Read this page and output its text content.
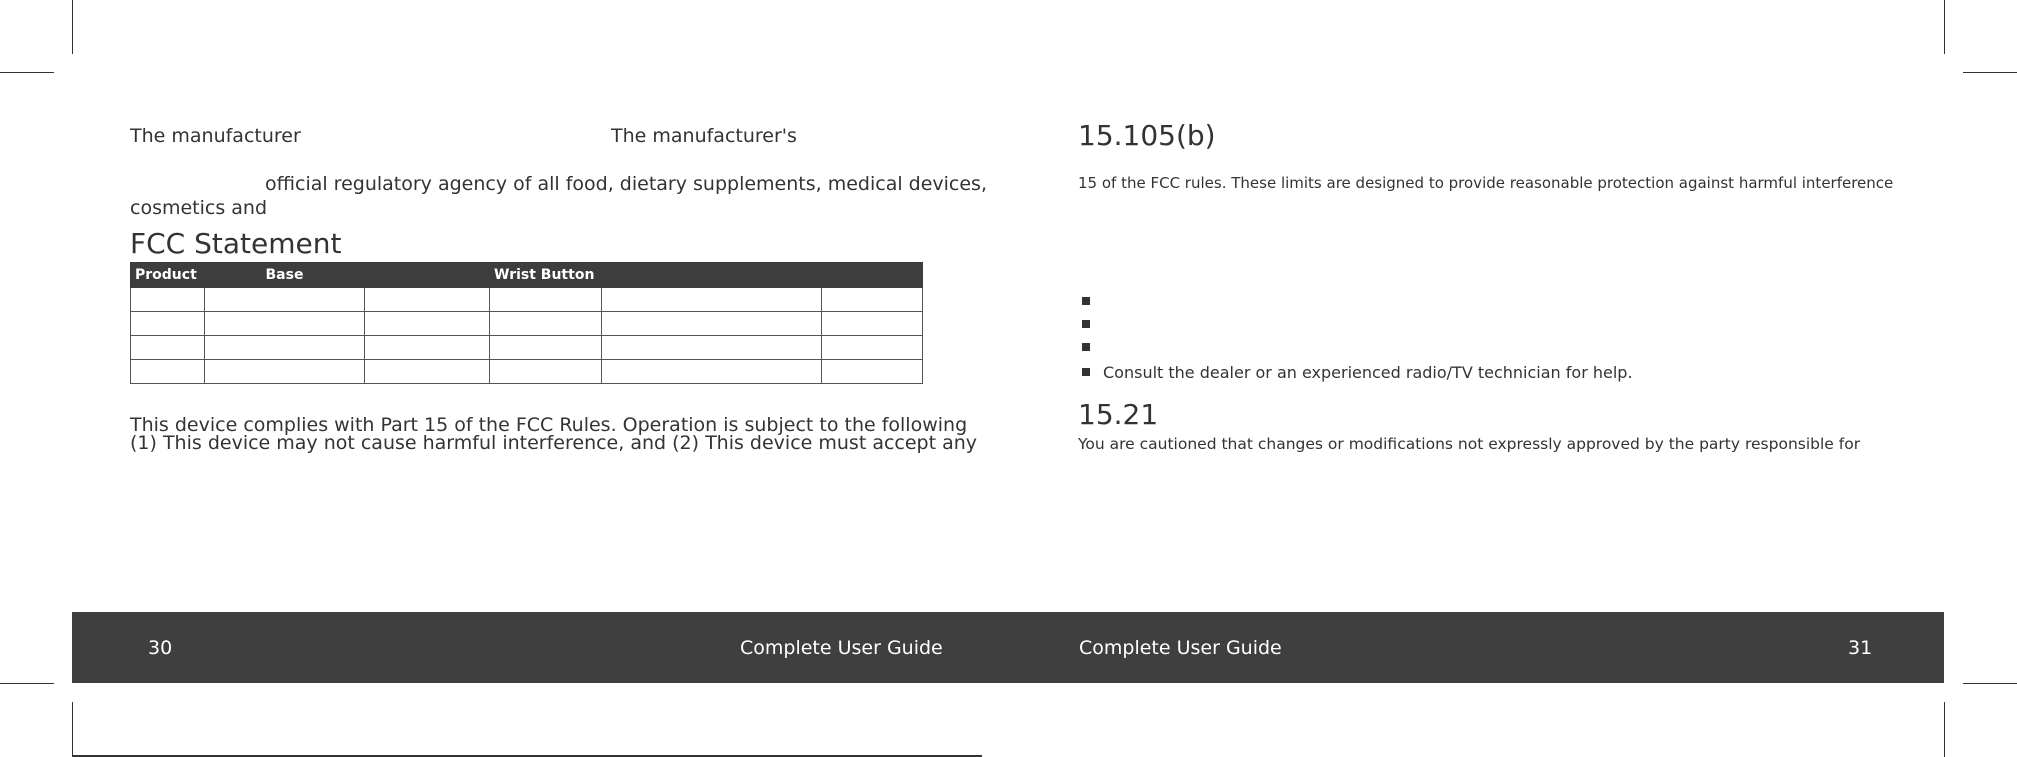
The manufacturer	The manufacturer's
official regulatory agency of all food, dietary supplements, medical devices,
cosmetics and
FCC Statement
Product	Base		Wrist Button		

This device complies with Part 15 of the FCC Rules. Operation is subject to the following
(1) This device may not cause harmful interference, and (2) This device must accept any
15.105(b)
15 of the FCC rules. These limits are designed to provide reasonable protection against harmful interference
Consult the dealer or an experienced radio/TV technician for help.
15.21
You are cautioned that changes or modifications not expressly approved by the party responsible for
30	Complete User Guide	Complete User Guide	31
